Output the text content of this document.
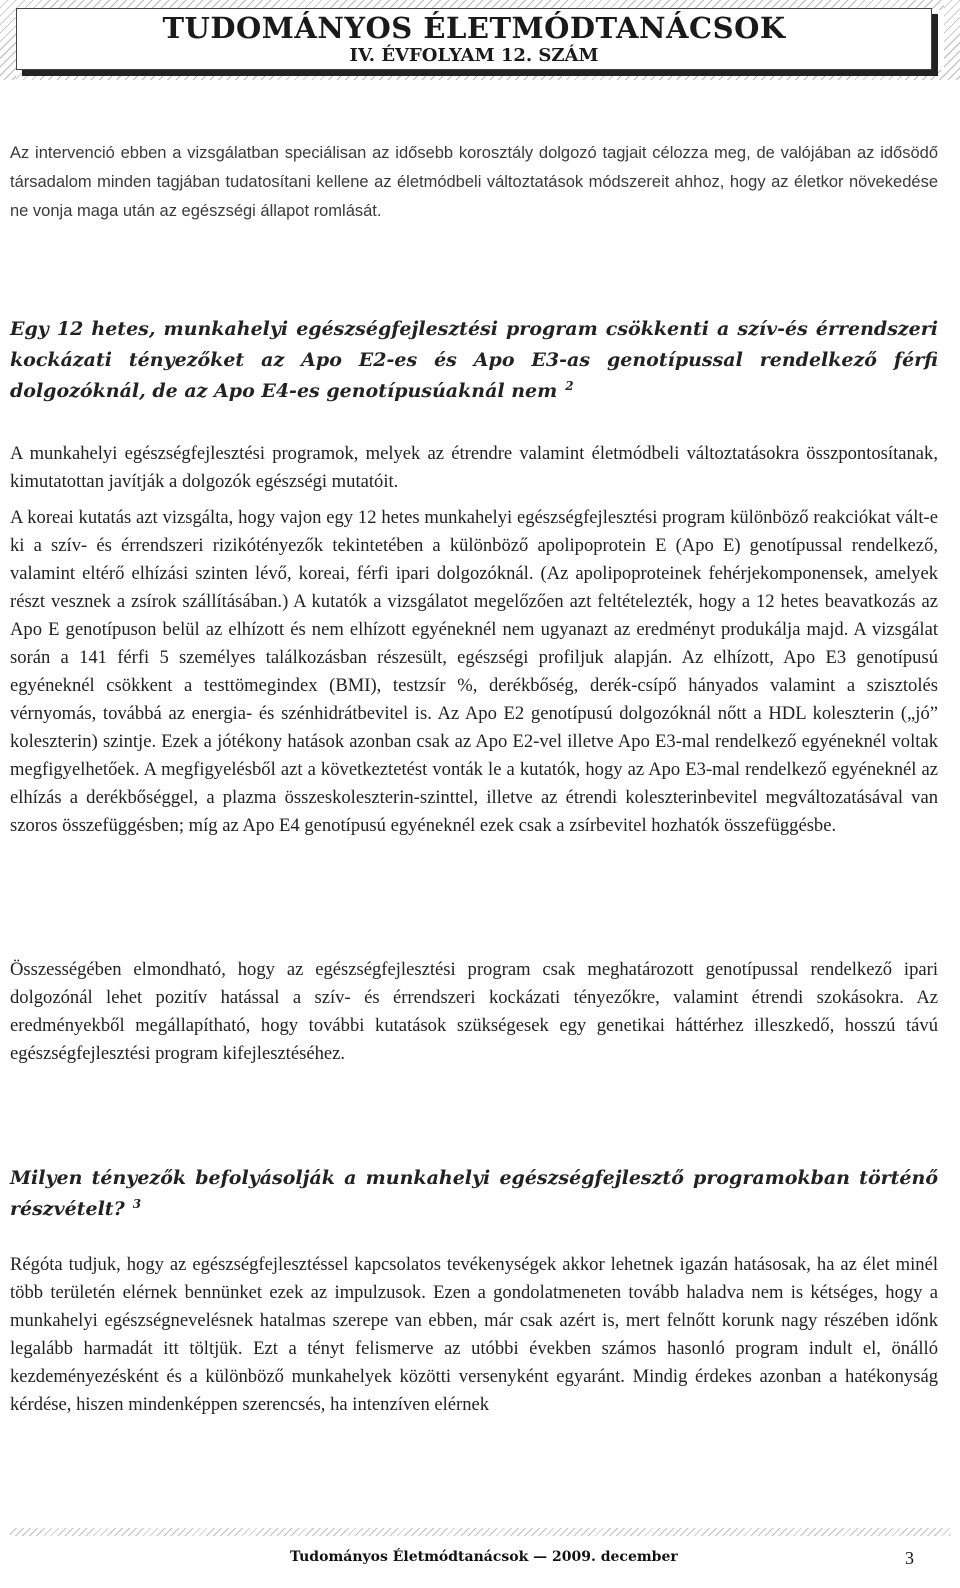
TUDOMÁNYOS ÉLETMÓDTANÁCSOK
IV. ÉVFOLYAM 12. SZÁM

Az intervenció ebben a vizsgálatban speciálisan az idősebb korosztály dolgozó tagjait célozza meg, de valójában az idősödő társadalom minden tagjában tudatosítani kellene az életmódbeli változtatások módszereit ahhoz, hogy az életkor növekedése ne vonja maga után az egészségi állapot romlását.

Egy 12 hetes, munkahelyi egészségfejlesztési program csökkenti a szív-és érrendszeri kockázati tényezőket az Apo E2-es és Apo E3-as genotípussal rendelkező férfi dolgozóknál, de az Apo E4-es genotípusúaknál nem $^2$

A munkahelyi egészségfejlesztési programok, melyek az étrendre valamint életmódbeli változtatásokra összpontosítanak, kimutatottan javítják a dolgozók egészségi mutatóit.

A koreai kutatás azt vizsgálta, hogy vajon egy 12 hetes munkahelyi egészségfejlesztési program különböző reakciókat vált-e ki a szív- és érrendszeri rizikótényezők tekintetében a különböző apolipoprotein E (Apo E) genotípussal rendelkező, valamint eltérő elhízási szinten lévő, koreai, férfi ipari dolgozóknál. (Az apolipoproteinek fehérjekomponensek, amelyek részt vesznek a zsírok szállításában.) A kutatók a vizsgálatot megelőzően azt feltételezték, hogy a 12 hetes beavatkozás az Apo E genotípuson belül az elhízott és nem elhízott egyéneknél nem ugyanazt az eredményt produkálja majd. A vizsgálat során a 141 férfi 5 személyes találkozásban részesült, egészségi profiljuk alapján. Az elhízott, Apo E3 genotípusú egyéneknél csökkent a testtömegindex (BMI), testzsír %, derékbőség, derék-csípő hányados valamint a szisztolés vérnyomás, továbbá az energia- és szénhidrátbevitel is. Az Apo E2 genotípusú dolgozóknál nőtt a HDL koleszterin („jó” koleszterin) szintje. Ezek a jótékony hatások azonban csak az Apo E2-vel illetve Apo E3-mal rendelkező egyéneknél voltak megfigyelhetőek. A megfigyelésből azt a következtetést vonták le a kutatók, hogy az Apo E3-mal rendelkező egyéneknél az elhízás a derékbőséggel, a plazma összeskoleszterin-szinttel, illetve az étrendi koleszterinbevitel megváltozatásával van szoros összefüggésben; míg az Apo E4 genotípusú egyéneknél ezek csak a zsírbevitel hozhatók összefüggésbe.

Összességében elmondható, hogy az egészségfejlesztési program csak meghatározott genotípussal rendelkező ipari dolgozónál lehet pozitív hatással a szív- és érrendszeri kockázati tényezőkre, valamint étrendi szokásokra. Az eredményekből megállapítható, hogy további kutatások szükségesek egy genetikai háttérhez illeszkedő, hosszú távú egészségfejlesztési program kifejlesztéséhez.

Milyen tényezők befolyásolják a munkahelyi egészségfejlesztő programokban történő részvételt? $^3$

Régóta tudjuk, hogy az egészségfejlesztéssel kapcsolatos tevékenységek akkor lehetnek igazán hatásosak, ha az élet minél több területén elérnek bennünket ezek az impulzusok. Ezen a gondolatmeneten tovább haladva nem is kétséges, hogy a munkahelyi egészségnevelésnek hatalmas szerepe van ebben, már csak azért is, mert felnőtt korunk nagy részében időnk legalább harmadát itt töltjük. Ezt a tényt felismerve az utóbbi években számos hasonló program indult el, önálló kezdeményezésként és a különböző munkahelyek közötti versenyként egyaránt. Mindig érdekes azonban a hatékonyság kérdése, hiszen mindenképpen szerencsés, ha intenzíven elérnek

Tudományos Életmódtanácsok — 2009. december	3
